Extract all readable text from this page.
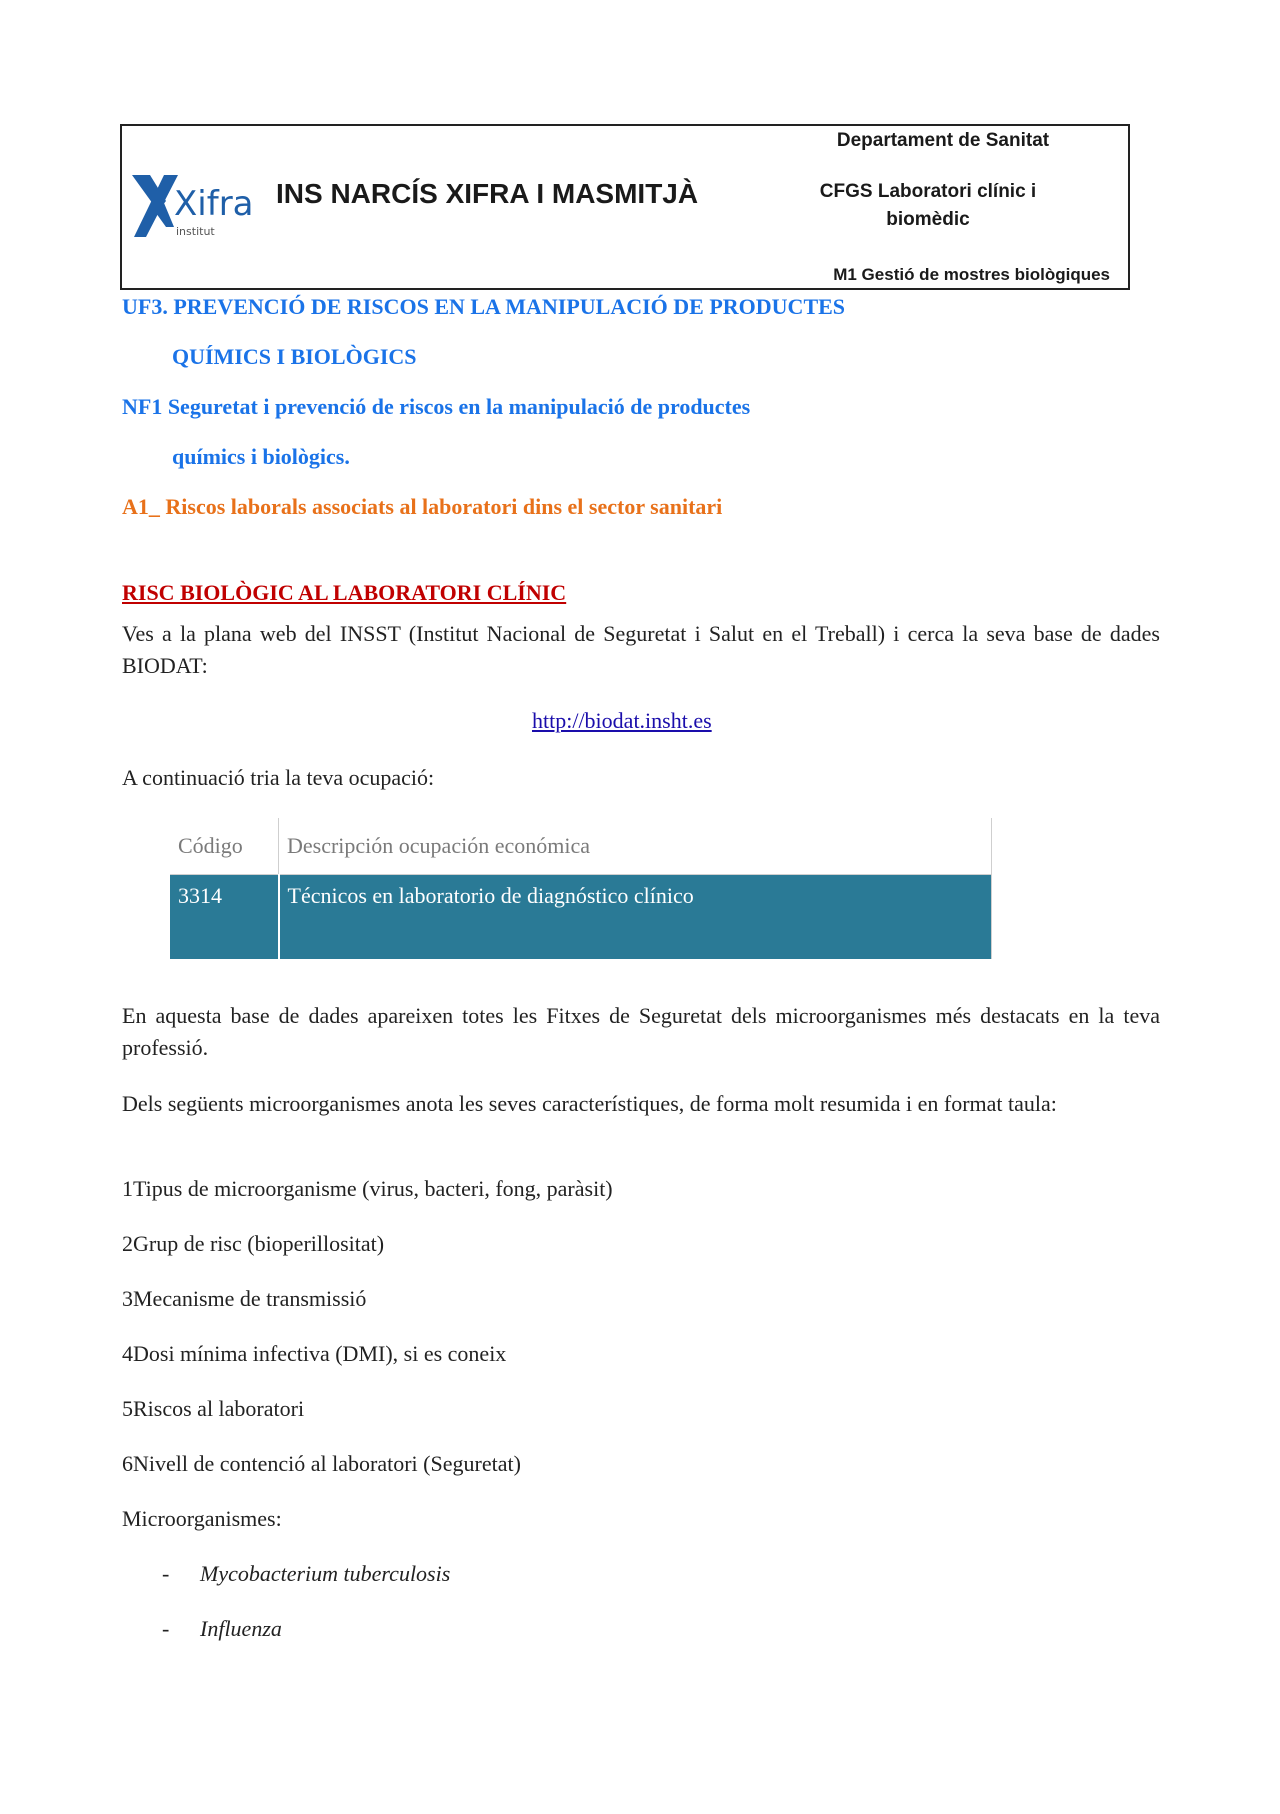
Xifra
institut
INS NARCÍS XIFRA I MASMITJÀ
Departament de Sanitat
CFGS Laboratori clínic i
biomèdic
M1 Gestió de mostres biològiques
UF3. PREVENCIÓ DE RISCOS EN LA MANIPULACIÓ DE PRODUCTES
QUÍMICS I BIOLÒGICS
NF1 Seguretat i prevenció de riscos en la manipulació de productes
químics i biològics.
A1_ Riscos laborals associats al laboratori dins el sector sanitari
RISC BIOLÒGIC AL LABORATORI CLÍNIC
Ves a la plana web del INSST (Institut Nacional de Seguretat i Salut en el Treball) i cerca la seva base de dades BIODAT:
http://biodat.insht.es
A continuació tria la teva ocupació:
Código	Descripción ocupación económica
3314	Técnicos en laboratorio de diagnóstico clínico
En aquesta base de dades apareixen totes les Fitxes de Seguretat dels microorganismes més destacats en la teva professió.
Dels següents microorganismes anota les seves característiques, de forma molt resumida i en format taula:
1Tipus de microorganisme (virus, bacteri, fong, paràsit)
2Grup de risc (bioperillositat)
3Mecanisme de transmissió
4Dosi mínima infectiva (DMI), si es coneix
5Riscos al laboratori
6Nivell de contenció al laboratori (Seguretat)
Microorganismes:
- Mycobacterium tuberculosis
- Influenza
